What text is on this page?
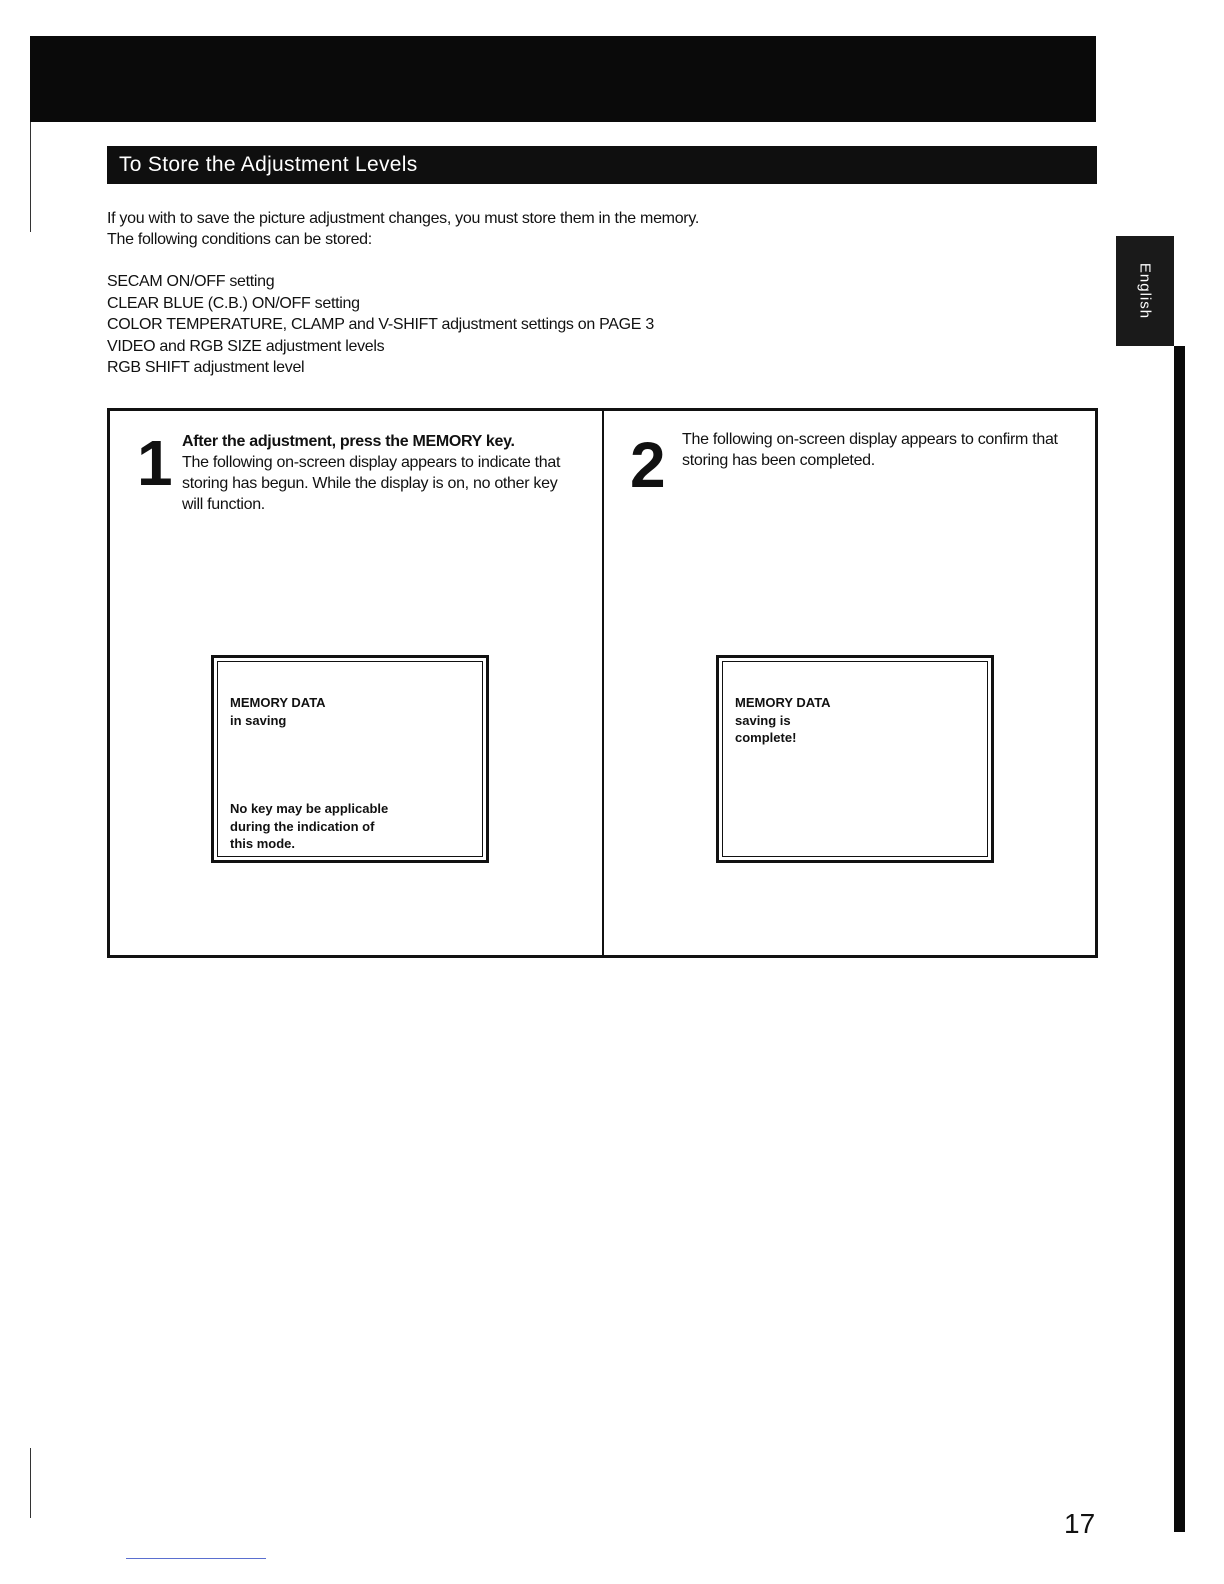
To Store the Adjustment Levels

If you with to save the picture adjustment changes, you must store them in the memory.

The following conditions can be stored:

SECAM ON/OFF setting
CLEAR BLUE (C.B.) ON/OFF setting
COLOR TEMPERATURE, CLAMP and V-SHIFT adjustment settings on PAGE 3
VIDEO and RGB SIZE adjustment levels
RGB SHIFT adjustment level
English
1 After the adjustment, press the MEMORY key.
The following on-screen display appears to indicate that storing has begun. While the display is on, no other key will function.
MEMORY DATA
in saving
No key may be applicable
during the indication of
this mode.
2 The following on-screen display appears to confirm that storing has been completed.
MEMORY DATA
saving is
complete!
17
